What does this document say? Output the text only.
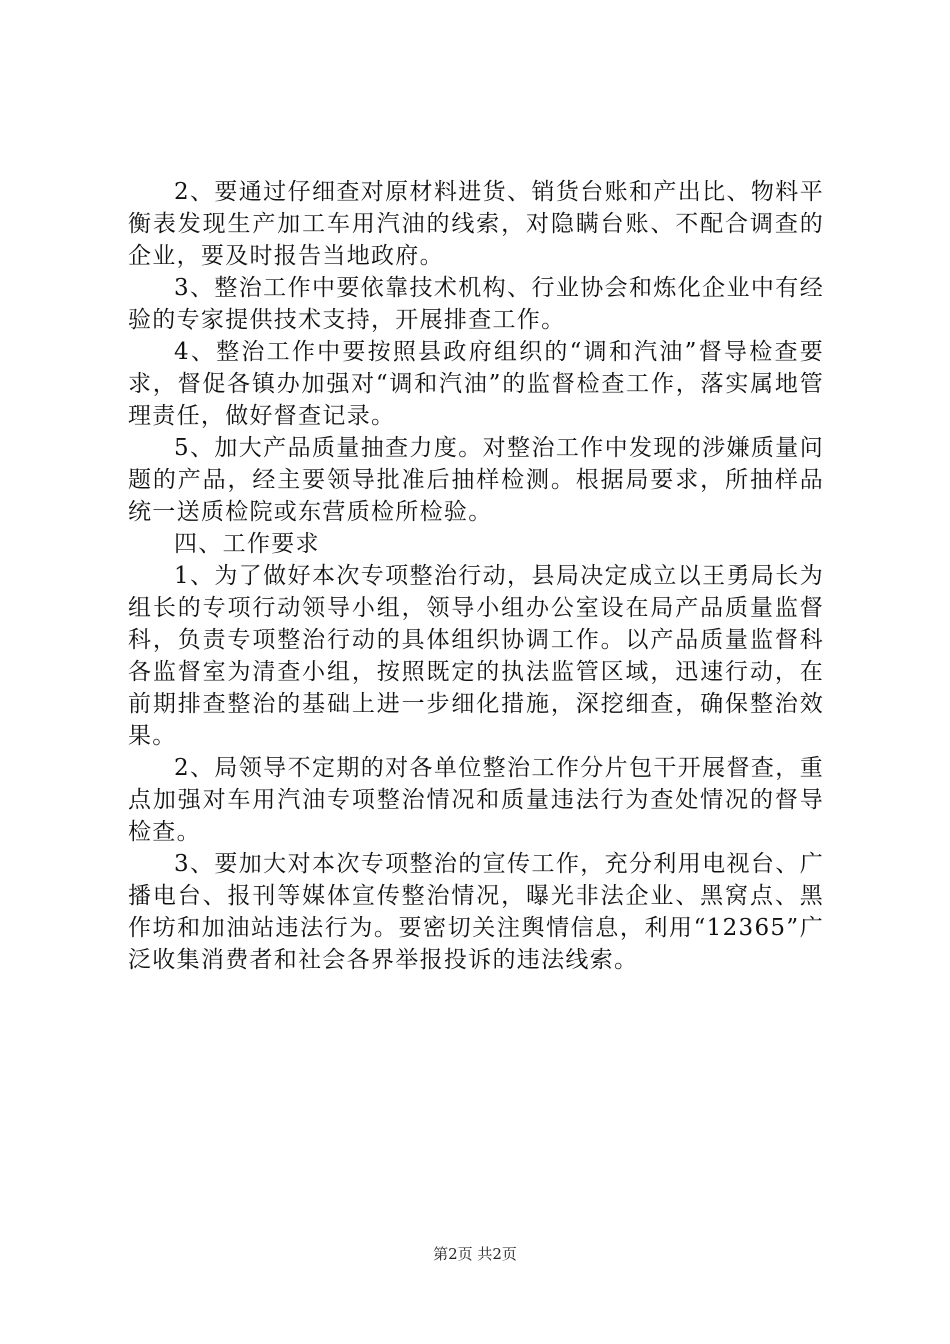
2、要通过仔细查对原材料进货、销货台账和产出比、物料平衡表发现生产加工车用汽油的线索，对隐瞒台账、不配合调查的企业，要及时报告当地政府。

3、整治工作中要依靠技术机构、行业协会和炼化企业中有经验的专家提供技术支持，开展排查工作。

4、整治工作中要按照县政府组织的“调和汽油”督导检查要求，督促各镇办加强对“调和汽油”的监督检查工作，落实属地管理责任，做好督查记录。

5、加大产品质量抽查力度。对整治工作中发现的涉嫌质量问题的产品，经主要领导批准后抽样检测。根据局要求，所抽样品统一送质检院或东营质检所检验。

四、工作要求

1、为了做好本次专项整治行动，县局决定成立以王勇局长为组长的专项行动领导小组，领导小组办公室设在局产品质量监督科，负责专项整治行动的具体组织协调工作。以产品质量监督科各监督室为清查小组，按照既定的执法监管区域，迅速行动，在前期排查整治的基础上进一步细化措施，深挖细查，确保整治效果。

2、局领导不定期的对各单位整治工作分片包干开展督查，重点加强对车用汽油专项整治情况和质量违法行为查处情况的督导检查。

3、要加大对本次专项整治的宣传工作，充分利用电视台、广播电台、报刊等媒体宣传整治情况，曝光非法企业、黑窝点、黑作坊和加油站违法行为。要密切关注舆情信息，利用“12365”广泛收集消费者和社会各界举报投诉的违法线索。

第2页 共2页
